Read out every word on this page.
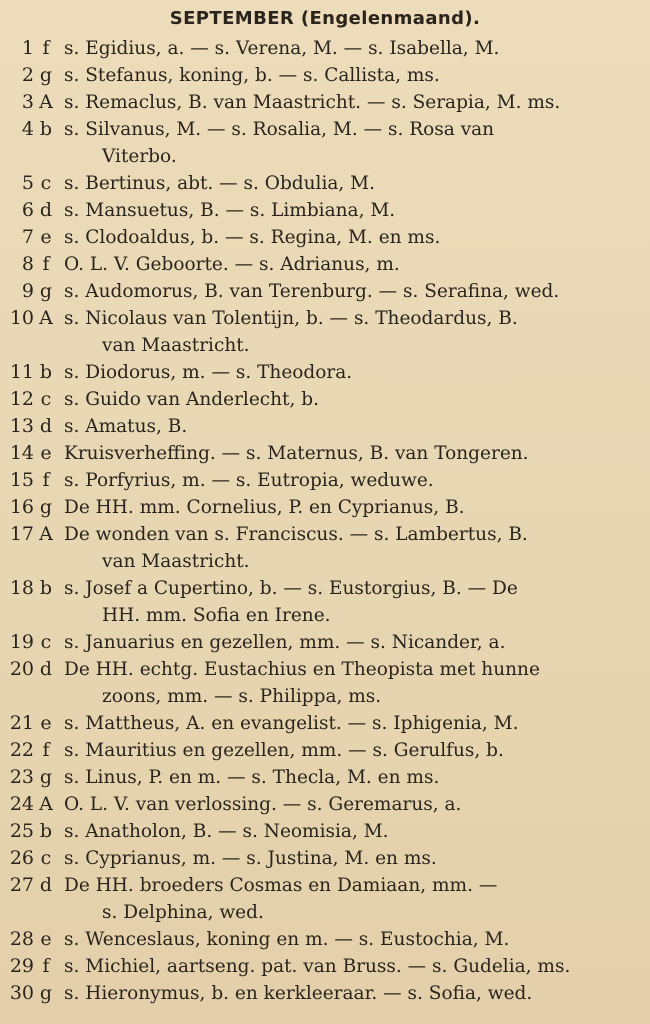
SEPTEMBER (Engelenmaand).
1 f s. Egidius, a. — s. Verena, M. — s. Isabella, M.
2 g s. Stefanus, koning, b. — s. Callista, ms.
3 A s. Remaclus, B. van Maastricht. — s. Serapia, M. ms.
4 b s. Silvanus, M. — s. Rosalia, M. — s. Rosa van
Viterbo.
5 c s. Bertinus, abt. — s. Obdulia, M.
6 d s. Mansuetus, B. — s. Limbiana, M.
7 e s. Clodoaldus, b. — s. Regina, M. en ms.
8 f O. L. V. Geboorte. — s. Adrianus, m.
9 g s. Audomorus, B. van Terenburg. — s. Serafina, wed.
10 A s. Nicolaus van Tolentijn, b. — s. Theodardus, B.
van Maastricht.
11 b s. Diodorus, m. — s. Theodora.
12 c s. Guido van Anderlecht, b.
13 d s. Amatus, B.
14 e Kruisverheffing. — s. Maternus, B. van Tongeren.
15 f s. Porfyrius, m. — s. Eutropia, weduwe.
16 g De HH. mm. Cornelius, P. en Cyprianus, B.
17 A De wonden van s. Franciscus. — s. Lambertus, B.
van Maastricht.
18 b s. Josef a Cupertino, b. — s. Eustorgius, B. — De
HH. mm. Sofia en Irene.
19 c s. Januarius en gezellen, mm. — s. Nicander, a.
20 d De HH. echtg. Eustachius en Theopista met hunne
zoons, mm. — s. Philippa, ms.
21 e s. Mattheus, A. en evangelist. — s. Iphigenia, M.
22 f s. Mauritius en gezellen, mm. — s. Gerulfus, b.
23 g s. Linus, P. en m. — s. Thecla, M. en ms.
24 A O. L. V. van verlossing. — s. Geremarus, a.
25 b s. Anatholon, B. — s. Neomisia, M.
26 c s. Cyprianus, m. — s. Justina, M. en ms.
27 d De HH. broeders Cosmas en Damiaan, mm. —
s. Delphina, wed.
28 e s. Wenceslaus, koning en m. — s. Eustochia, M.
29 f s. Michiel, aartseng. pat. van Bruss. — s. Gudelia, ms.
30 g s. Hieronymus, b. en kerkleeraar. — s. Sofia, wed.
